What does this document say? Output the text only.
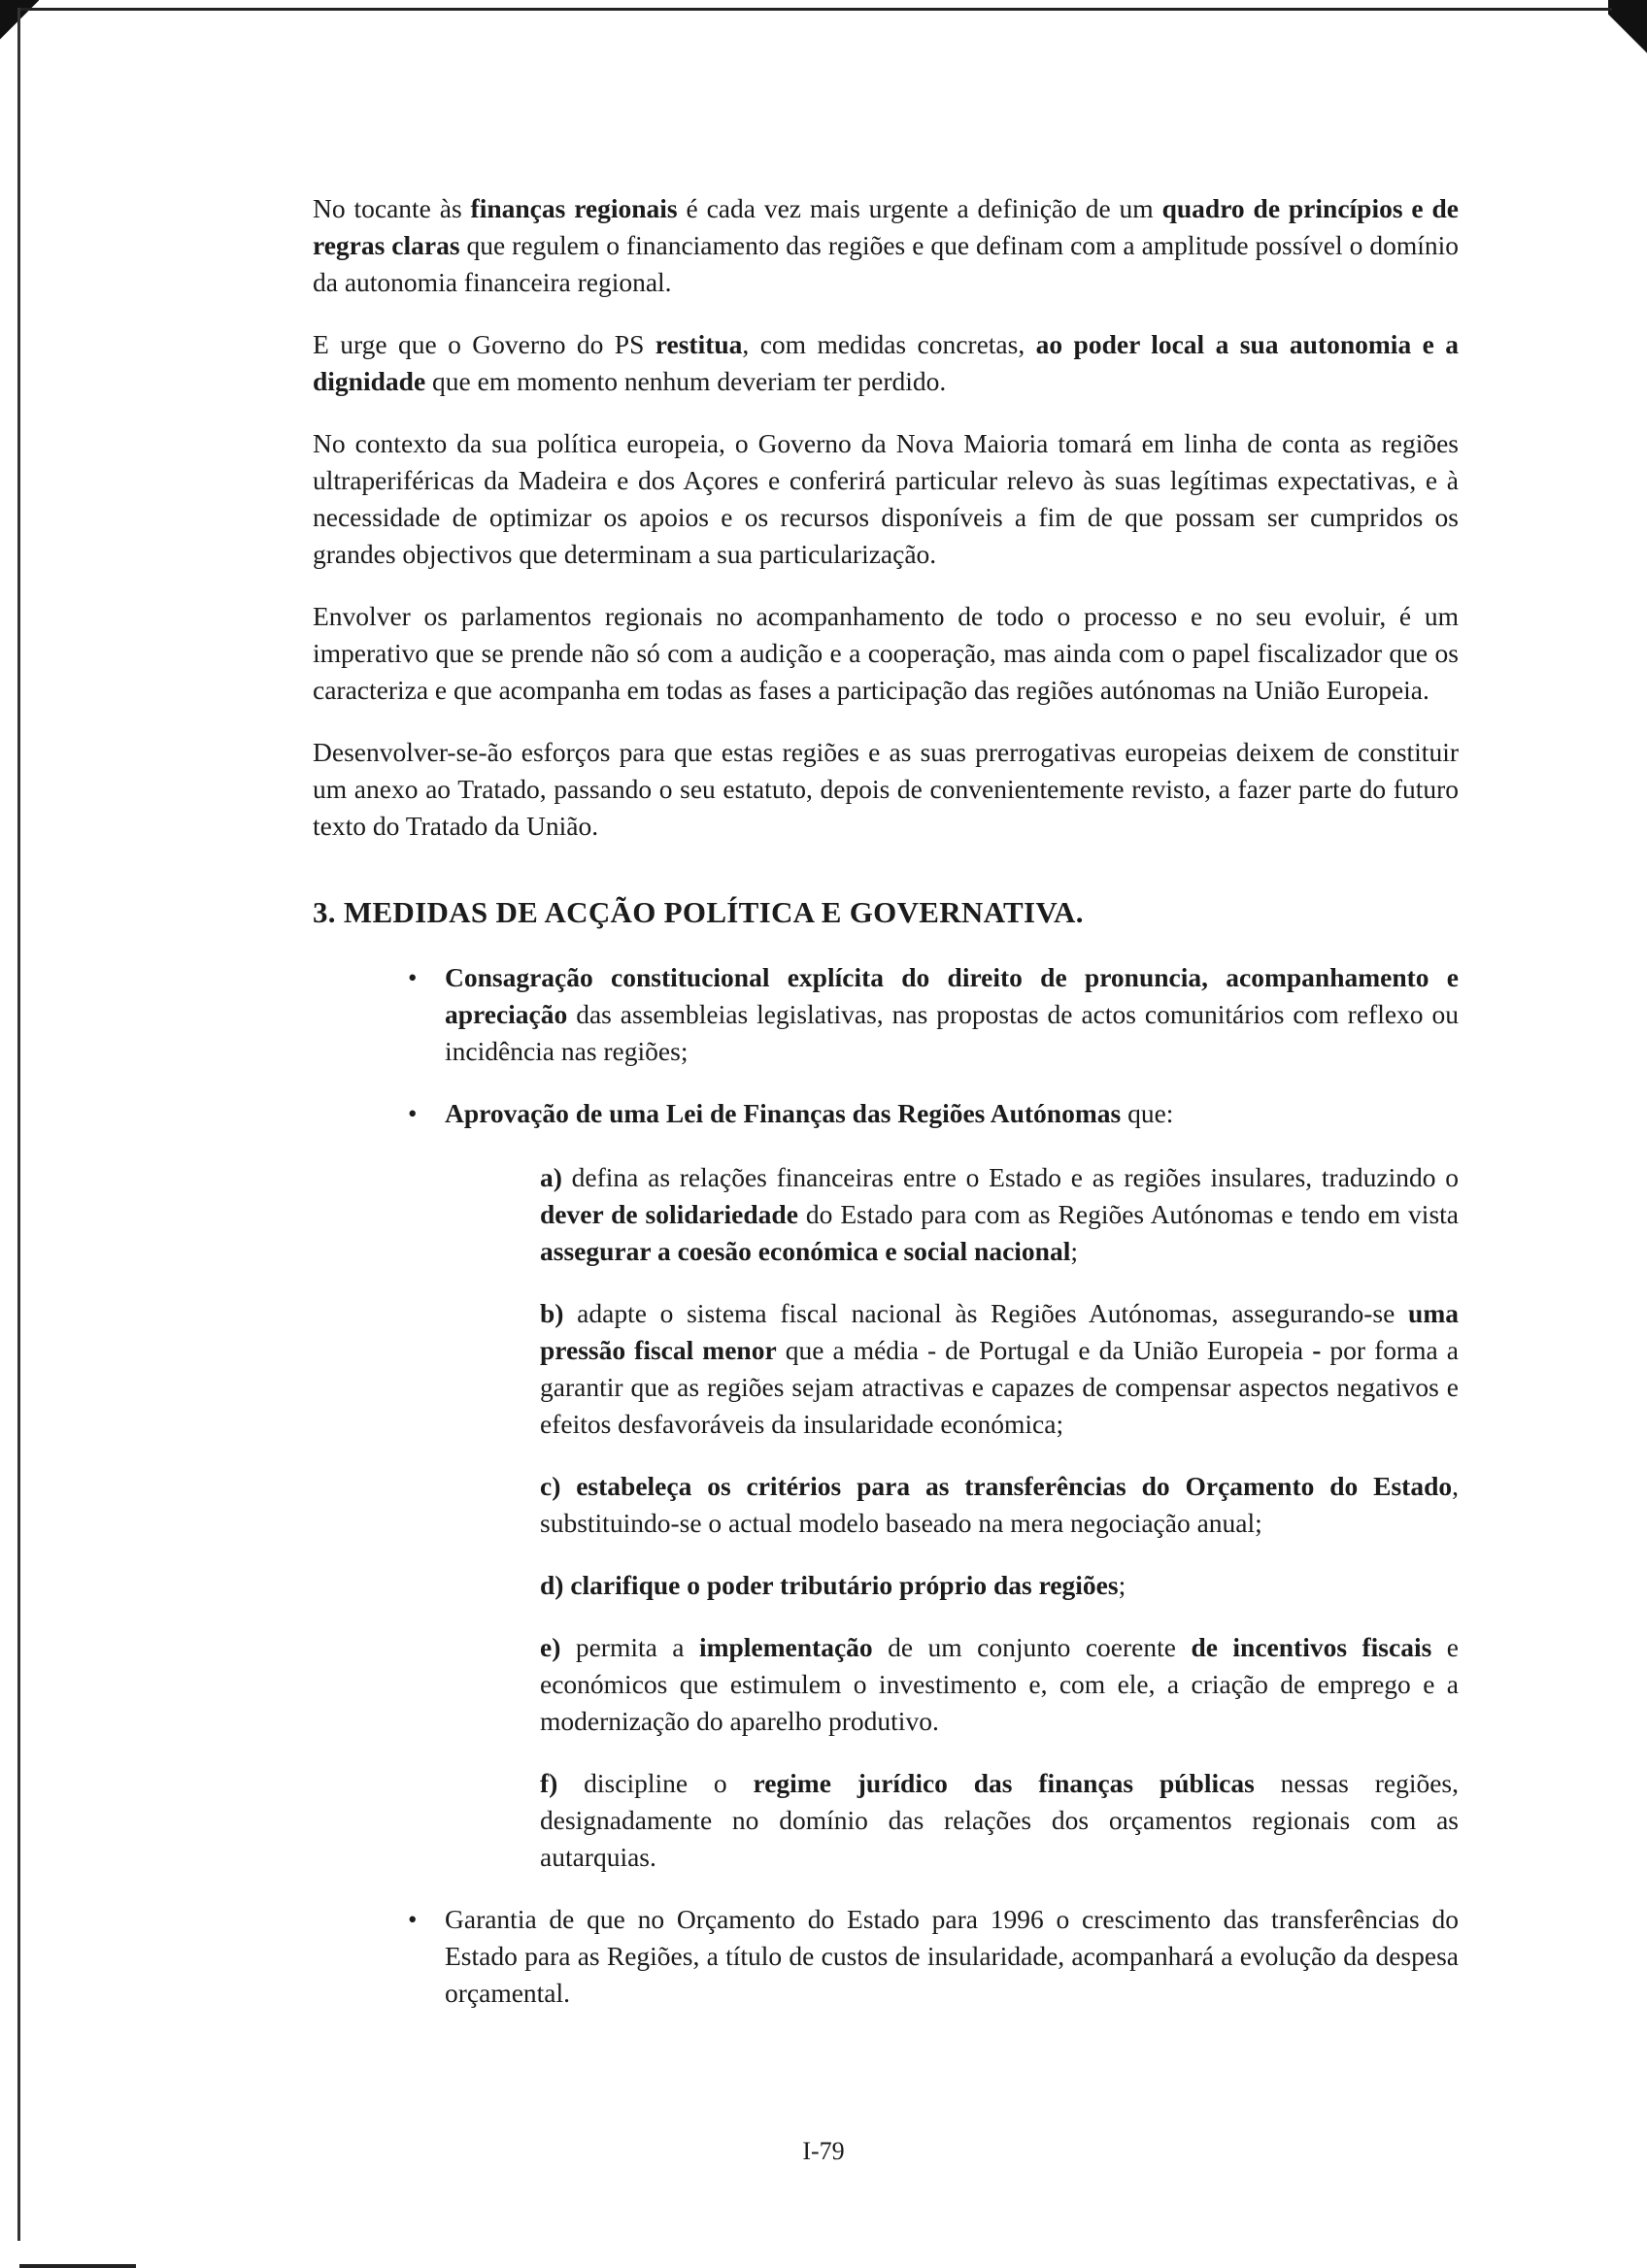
No tocante às finanças regionais é cada vez mais urgente a definição de um quadro de princípios e de regras claras que regulem o financiamento das regiões e que definam com a amplitude possível o domínio da autonomia financeira regional.

E urge que o Governo do PS restitua, com medidas concretas, ao poder local a sua autonomia e a dignidade que em momento nenhum deveriam ter perdido.

No contexto da sua política europeia, o Governo da Nova Maioria tomará em linha de conta as regiões ultraperiféricas da Madeira e dos Açores e conferirá particular relevo às suas legítimas expectativas, e à necessidade de optimizar os apoios e os recursos disponíveis a fim de que possam ser cumpridos os grandes objectivos que determinam a sua particularização.

Envolver os parlamentos regionais no acompanhamento de todo o processo e no seu evoluir, é um imperativo que se prende não só com a audição e a cooperação, mas ainda com o papel fiscalizador que os caracteriza e que acompanha em todas as fases a participação das regiões autónomas na União Europeia.

Desenvolver-se-ão esforços para que estas regiões e as suas prerrogativas europeias deixem de constituir um anexo ao Tratado, passando o seu estatuto, depois de convenientemente revisto, a fazer parte do futuro texto do Tratado da União.

3. MEDIDAS DE ACÇÃO POLÍTICA E GOVERNATIVA.
• Consagração constitucional explícita do direito de pronuncia, acompanhamento e apreciação das assembleias legislativas, nas propostas de actos comunitários com reflexo ou incidência nas regiões;

• Aprovação de uma Lei de Finanças das Regiões Autónomas que:

a) defina as relações financeiras entre o Estado e as regiões insulares, traduzindo o dever de solidariedade do Estado para com as Regiões Autónomas e tendo em vista assegurar a coesão económica e social nacional;

b) adapte o sistema fiscal nacional às Regiões Autónomas, assegurando-se uma pressão fiscal menor que a média - de Portugal e da União Europeia - por forma a garantir que as regiões sejam atractivas e capazes de compensar aspectos negativos e efeitos desfavoráveis da insularidade económica;

c) estabeleça os critérios para as transferências do Orçamento do Estado, substituindo-se o actual modelo baseado na mera negociação anual;

d) clarifique o poder tributário próprio das regiões;

e) permita a implementação de um conjunto coerente de incentivos fiscais e económicos que estimulem o investimento e, com ele, a criação de emprego e a modernização do aparelho produtivo.

f) discipline o regime jurídico das finanças públicas nessas regiões, designadamente no domínio das relações dos orçamentos regionais com as autarquias.

• Garantia de que no Orçamento do Estado para 1996 o crescimento das transferências do Estado para as Regiões, a título de custos de insularidade, acompanhará a evolução da despesa orçamental.

I-79
